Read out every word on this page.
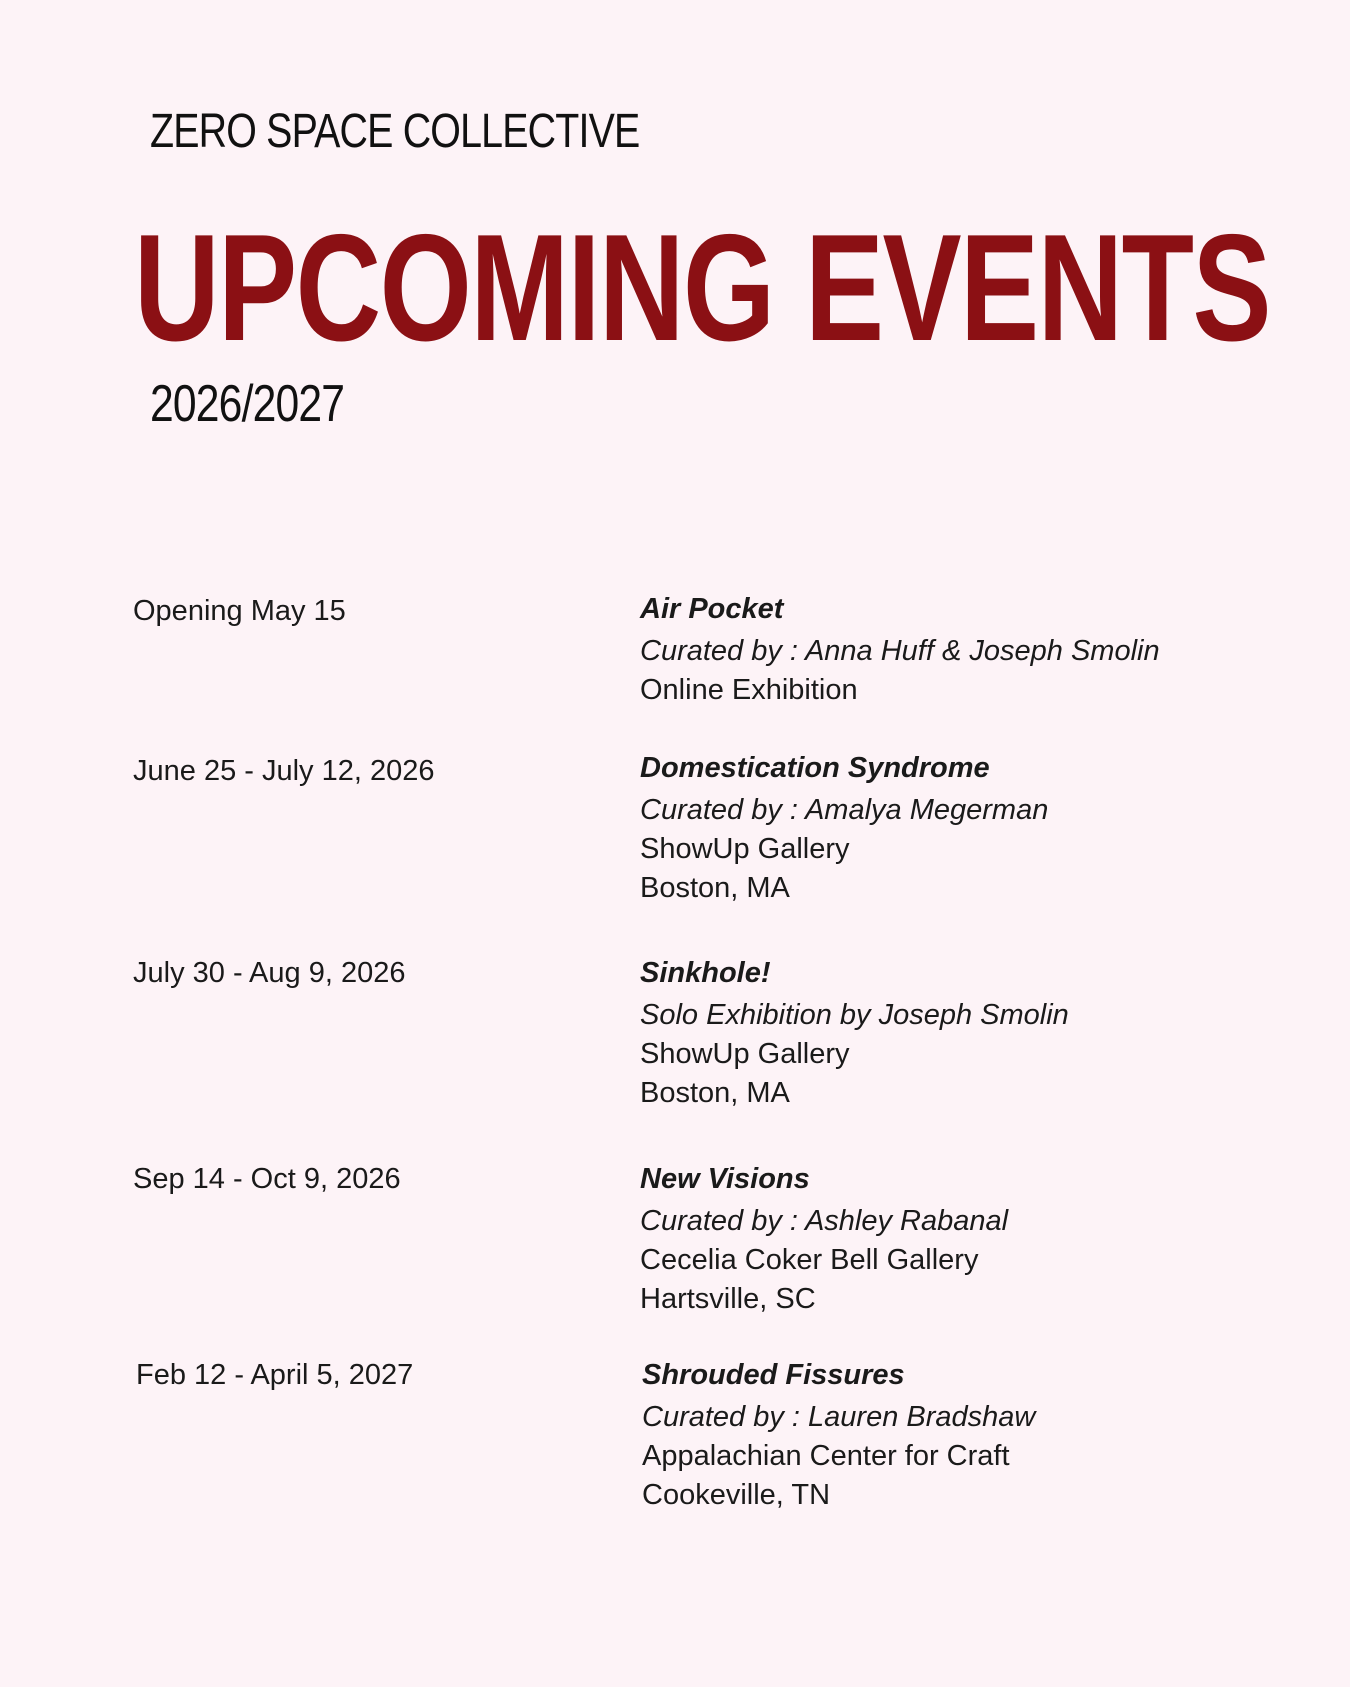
ZERO SPACE COLLECTIVE
UPCOMING EVENTS
2026/2027
Opening May 15	Air Pocket
Curated by : Anna Huff & Joseph Smolin
Online Exhibition
June 25 - July 12, 2026	Domestication Syndrome
Curated by : Amalya Megerman
ShowUp Gallery
Boston, MA
July 30 - Aug 9, 2026	Sinkhole!
Solo Exhibition by Joseph Smolin
ShowUp Gallery
Boston, MA
Sep 14 - Oct 9, 2026	New Visions
Curated by : Ashley Rabanal
Cecelia Coker Bell Gallery
Hartsville, SC
Feb 12 - April 5, 2027	Shrouded Fissures
Curated by : Lauren Bradshaw
Appalachian Center for Craft
Cookeville, TN
